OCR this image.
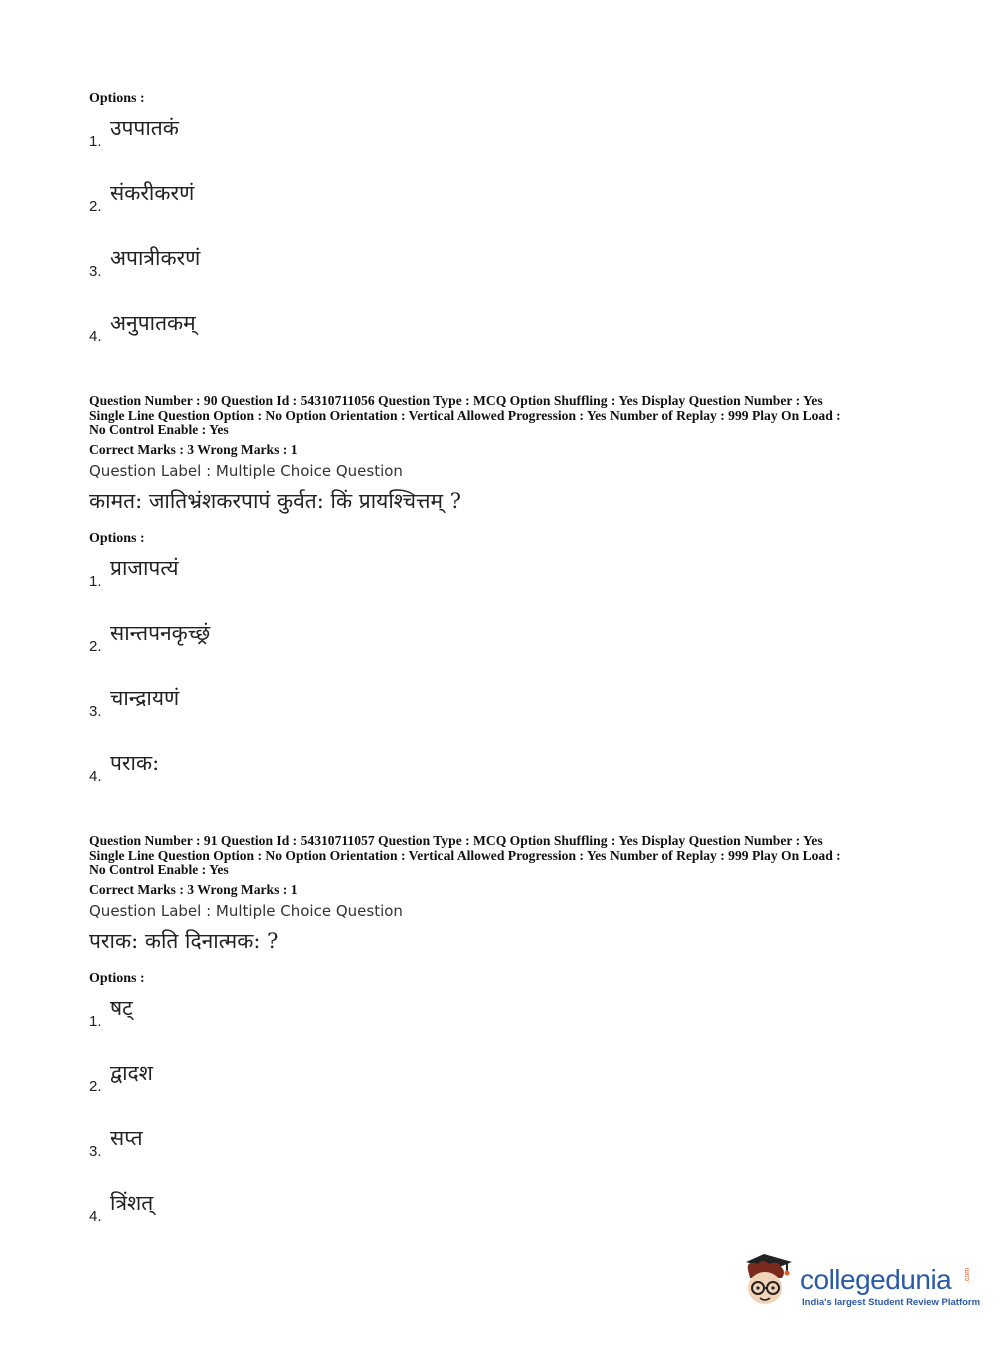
Options :
1.
उपपातकं
2.
संकरीकरणं
3.
अपात्रीकरणं
4.
अनुपातकम्
Question Number : 90 Question Id : 54310711056 Question Type : MCQ Option Shuffling : Yes Display Question Number : Yes
Single Line Question Option : No Option Orientation : Vertical Allowed Progression : Yes Number of Replay : 999 Play On Load :
No Control Enable : Yes
Correct Marks : 3 Wrong Marks : 1
Question Label : Multiple Choice Question
कामत: जातिभ्रंशकरपापं कुर्वत: किं प्रायश्चित्तम् ?
Options :
1.
प्राजापत्यं
2.
सान्तपनकृच्छ्रं
3.
चान्द्रायणं
4.
पराक:
Question Number : 91 Question Id : 54310711057 Question Type : MCQ Option Shuffling : Yes Display Question Number : Yes
Single Line Question Option : No Option Orientation : Vertical Allowed Progression : Yes Number of Replay : 999 Play On Load :
No Control Enable : Yes
Correct Marks : 3 Wrong Marks : 1
Question Label : Multiple Choice Question
पराक: कति दिनात्मक: ?
Options :
1.
षट्
2.
द्वादश
3.
सप्त
4.
त्रिंशत्
collegedunia .com
India's largest Student Review Platform
